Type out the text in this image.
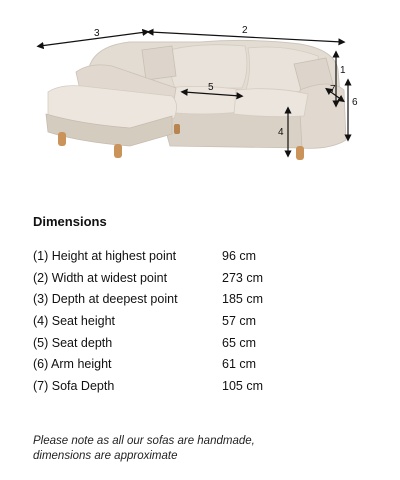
3	2
1
6
5
4
7
Dimensions
(1) Height at highest point	96 cm
(2) Width at widest point	273 cm
(3) Depth at deepest point	185 cm
(4) Seat height	57 cm
(5) Seat depth	65 cm
(6) Arm height	61 cm
(7) Sofa Depth	105 cm
Please note as all our sofas are handmade,
dimensions are approximate
